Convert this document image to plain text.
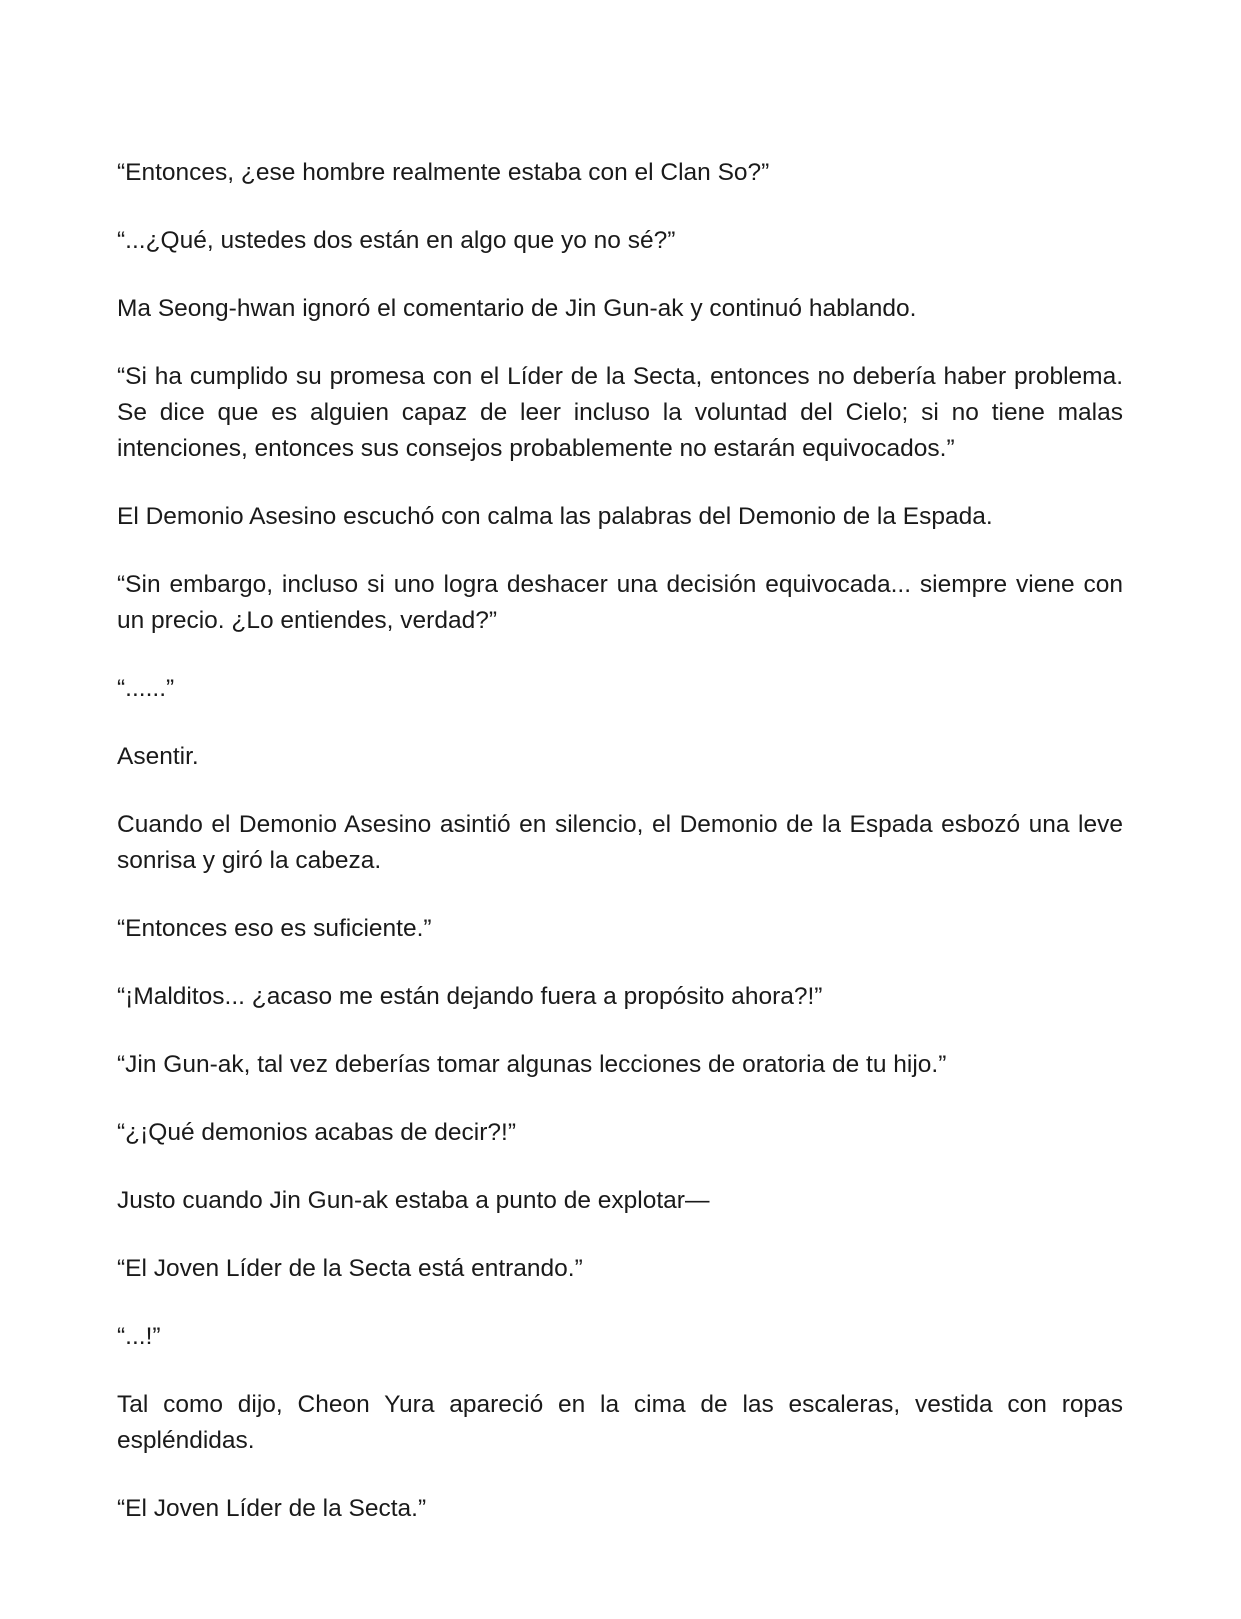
“Entonces, ¿ese hombre realmente estaba con el Clan So?”

“...¿Qué, ustedes dos están en algo que yo no sé?”

Ma Seong-hwan ignoró el comentario de Jin Gun-ak y continuó hablando.

“Si ha cumplido su promesa con el Líder de la Secta, entonces no debería haber problema. Se dice que es alguien capaz de leer incluso la voluntad del Cielo; si no tiene malas intenciones, entonces sus consejos probablemente no estarán equivocados.”

El Demonio Asesino escuchó con calma las palabras del Demonio de la Espada.

“Sin embargo, incluso si uno logra deshacer una decisión equivocada... siempre viene con un precio. ¿Lo entiendes, verdad?”

“......”

Asentir.

Cuando el Demonio Asesino asintió en silencio, el Demonio de la Espada esbozó una leve sonrisa y giró la cabeza.

“Entonces eso es suficiente.”

“¡Malditos... ¿acaso me están dejando fuera a propósito ahora?!”

“Jin Gun-ak, tal vez deberías tomar algunas lecciones de oratoria de tu hijo.”

“¿¡Qué demonios acabas de decir?!”

Justo cuando Jin Gun-ak estaba a punto de explotar—

“El Joven Líder de la Secta está entrando.”

“...!”

Tal como dijo, Cheon Yura apareció en la cima de las escaleras, vestida con ropas espléndidas.

“El Joven Líder de la Secta.”
